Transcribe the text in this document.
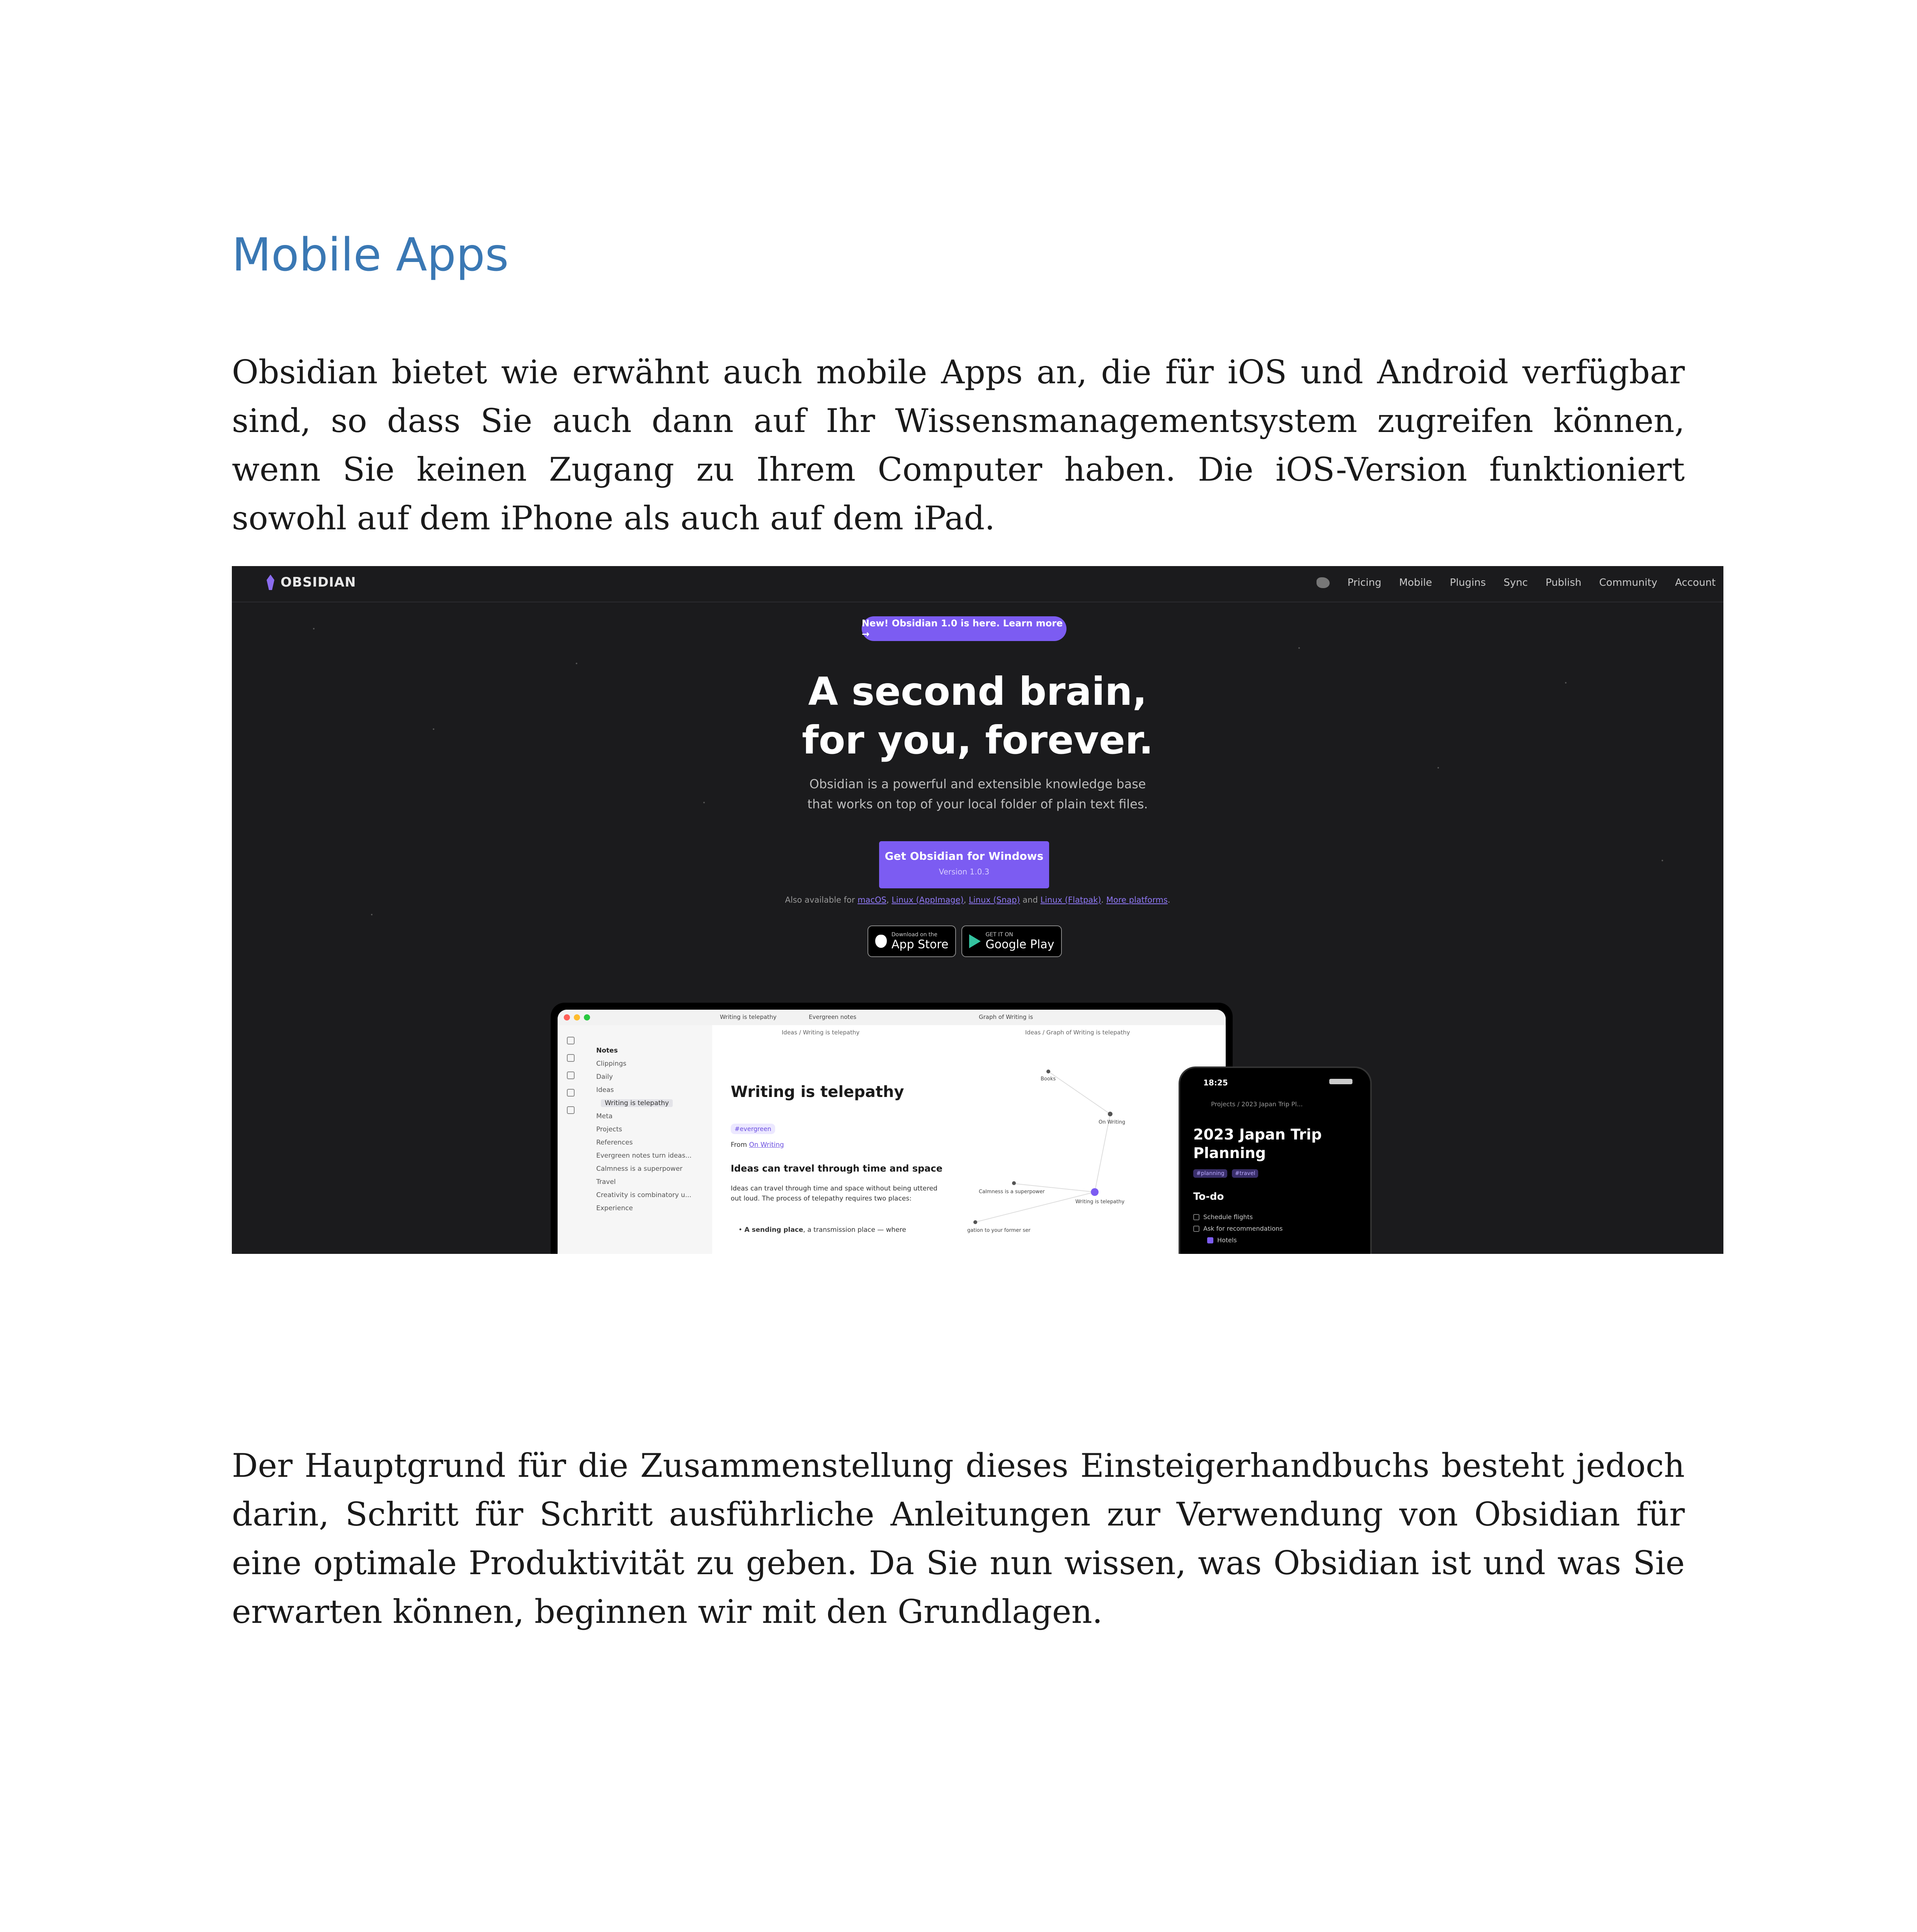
Mobile Apps

Obsidian bietet wie erwähnt auch mobile Apps an, die für iOS und Android verfügbar sind, so dass Sie auch dann auf Ihr Wissensmanagementsystem zugreifen können, wenn Sie keinen Zugang zu Ihrem Computer haben. Die iOS-Version funktioniert sowohl auf dem iPhone als auch auf dem iPad.

OBSIDIAN	Pricing Mobile Plugins Sync Publish Community Account
New! Obsidian 1.0 is here. Learn more →
A second brain,
for you, forever.
Obsidian is a powerful and extensible knowledge base
that works on top of your local folder of plain text files.
Get Obsidian for Windows
Version 1.0.3
Also available for macOS, Linux (AppImage), Linux (Snap) and Linux (Flatpak). More platforms.
Download on the
App Store
GET IT ON
Google Play
Writing is telepathy	Evergreen notes	Graph of Writing is
Notes
Clippings
Daily
Ideas
Writing is telepathy
Meta
Projects
References
Evergreen notes turn ideas...
Calmness is a superpower
Travel
Creativity is combinatory u...
Experience
Ideas / Writing is telepathy
Writing is telepathy
#evergreen
From On Writing
Ideas can travel through time and space
Ideas can travel through time and space without being uttered out loud. The process of telepathy requires two places:
• A sending place, a transmission place — where
Ideas / Graph of Writing is telepathy
Books
On Writing
Calmness is a superpower
Writing is telepathy
gation to your former ser
18:25
Projects / 2023 Japan Trip Pl...
2023 Japan Trip
Planning
#planning	#travel
To-do
Schedule flights
Ask for recommendations
Hotels

Der Hauptgrund für die Zusammenstellung dieses Einsteigerhandbuchs besteht jedoch darin, Schritt für Schritt ausführliche Anleitungen zur Verwendung von Obsidian für eine optimale Produktivität zu geben. Da Sie nun wissen, was Obsidian ist und was Sie erwarten können, beginnen wir mit den Grundlagen.
